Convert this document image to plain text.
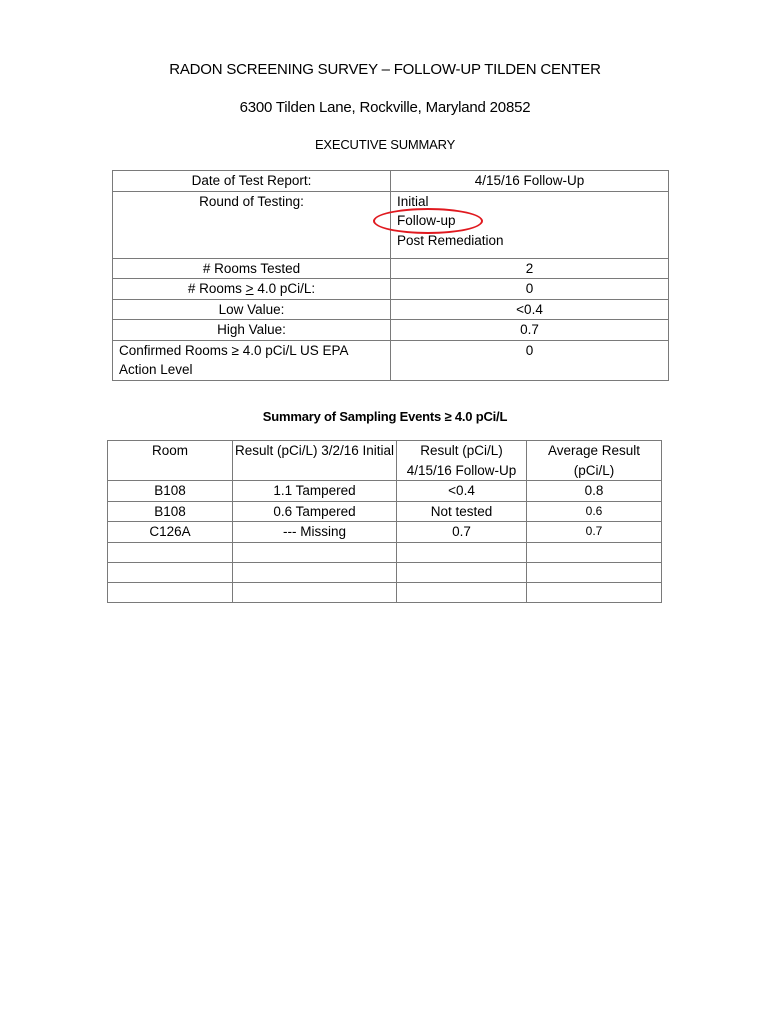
RADON SCREENING SURVEY – FOLLOW-UP TILDEN CENTER
6300 Tilden Lane, Rockville, Maryland 20852
EXECUTIVE SUMMARY
Date of Test Report:	4/15/16 Follow-Up
Round of Testing:	Initial
Follow-up
Post Remediation

# Rooms Tested	2
# Rooms > 4.0 pCi/L:	0
Low Value:	<0.4
High Value:	0.7
Confirmed Rooms ≥ 4.0 pCi/L US EPA Action Level	0
Summary of Sampling Events ≥ 4.0 pCi/L
Room	Result (pCi/L) 3/2/16 Initial	Result (pCi/L) 4/15/16 Follow-Up	Average Result (pCi/L)
B108	1.1 Tampered	<0.4	0.8
B108	0.6 Tampered	Not tested	0.6
C126A	--- Missing	0.7	0.7
